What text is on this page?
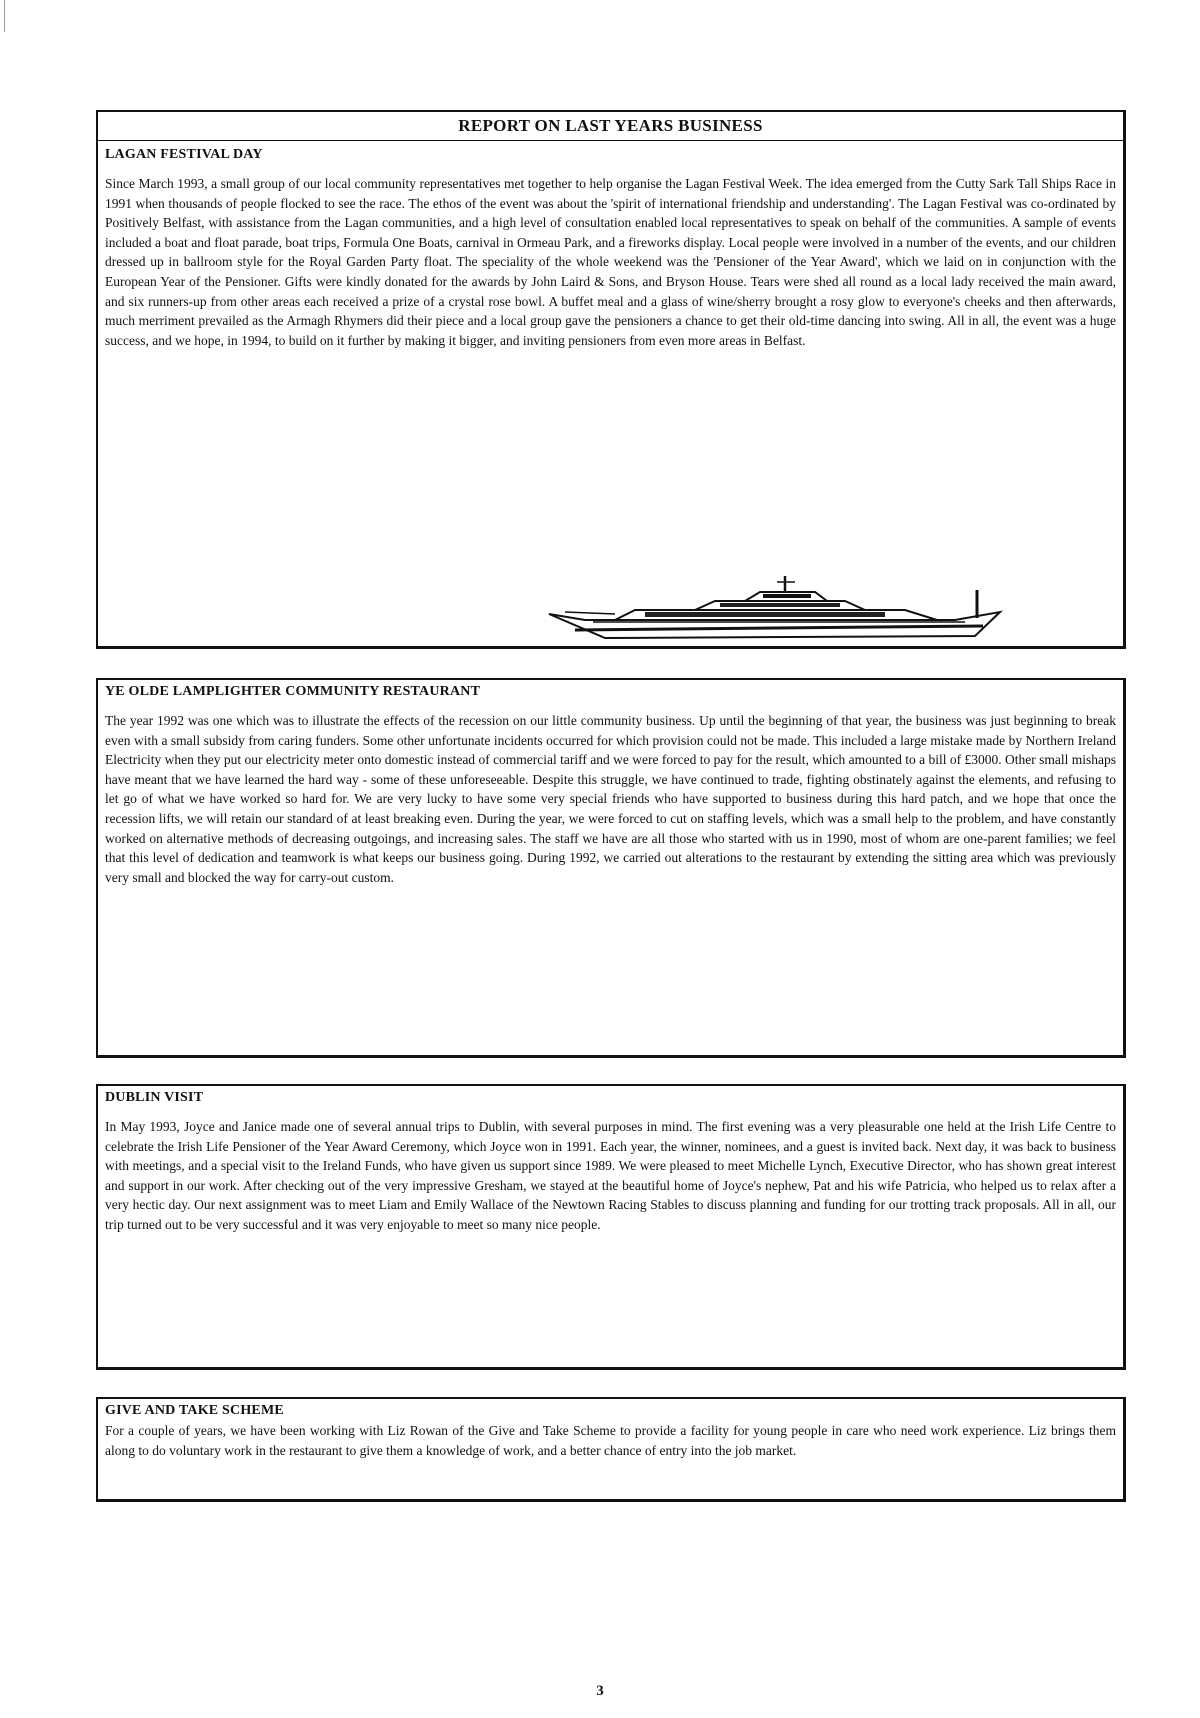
REPORT ON LAST YEARS BUSINESS
LAGAN FESTIVAL DAY
Since March 1993, a small group of our local community representatives met together to help organise the Lagan Festival Week. The idea emerged from the Cutty Sark Tall Ships Race in 1991 when thousands of people flocked to see the race. The ethos of the event was about the 'spirit of international friendship and understanding'. The Lagan Festival was co-ordinated by Positively Belfast, with assistance from the Lagan communities, and a high level of consultation enabled local representatives to speak on behalf of the communities. A sample of events included a boat and float parade, boat trips, Formula One Boats, carnival in Ormeau Park, and a fireworks display. Local people were involved in a number of the events, and our children dressed up in ballroom style for the Royal Garden Party float. The speciality of the whole weekend was the 'Pensioner of the Year Award', which we laid on in conjunction with the European Year of the Pensioner. Gifts were kindly donated for the awards by John Laird & Sons, and Bryson House. Tears were shed all round as a local lady received the main award, and six runners-up from other areas each received a prize of a crystal rose bowl. A buffet meal and a glass of wine/sherry brought a rosy glow to everyone's cheeks and then afterwards, much merriment prevailed as the Armagh Rhymers did their piece and a local group gave the pensioners a chance to get their old-time dancing into swing. All in all, the event was a huge success, and we hope, in 1994, to build on it further by making it bigger, and inviting pensioners from even more areas in Belfast.
YE OLDE LAMPLIGHTER COMMUNITY RESTAURANT
The year 1992 was one which was to illustrate the effects of the recession on our little community business. Up until the beginning of that year, the business was just beginning to break even with a small subsidy from caring funders. Some other unfortunate incidents occurred for which provision could not be made. This included a large mistake made by Northern Ireland Electricity when they put our electricity meter onto domestic instead of commercial tariff and we were forced to pay for the result, which amounted to a bill of £3000. Other small mishaps have meant that we have learned the hard way - some of these unforeseeable. Despite this struggle, we have continued to trade, fighting obstinately against the elements, and refusing to let go of what we have worked so hard for. We are very lucky to have some very special friends who have supported to business during this hard patch, and we hope that once the recession lifts, we will retain our standard of at least breaking even. During the year, we were forced to cut on staffing levels, which was a small help to the problem, and have constantly worked on alternative methods of decreasing outgoings, and increasing sales. The staff we have are all those who started with us in 1990, most of whom are one-parent families; we feel that this level of dedication and teamwork is what keeps our business going. During 1992, we carried out alterations to the restaurant by extending the sitting area which was previously very small and blocked the way for carry-out custom.
DUBLIN VISIT
In May 1993, Joyce and Janice made one of several annual trips to Dublin, with several purposes in mind. The first evening was a very pleasurable one held at the Irish Life Centre to celebrate the Irish Life Pensioner of the Year Award Ceremony, which Joyce won in 1991. Each year, the winner, nominees, and a guest is invited back. Next day, it was back to business with meetings, and a special visit to the Ireland Funds, who have given us support since 1989. We were pleased to meet Michelle Lynch, Executive Director, who has shown great interest and support in our work. After checking out of the very impressive Gresham, we stayed at the beautiful home of Joyce's nephew, Pat and his wife Patricia, who helped us to relax after a very hectic day. Our next assignment was to meet Liam and Emily Wallace of the Newtown Racing Stables to discuss planning and funding for our trotting track proposals. All in all, our trip turned out to be very successful and it was very enjoyable to meet so many nice people.
GIVE AND TAKE SCHEME
For a couple of years, we have been working with Liz Rowan of the Give and Take Scheme to provide a facility for young people in care who need work experience. Liz brings them along to do voluntary work in the restaurant to give them a knowledge of work, and a better chance of entry into the job market.
3
